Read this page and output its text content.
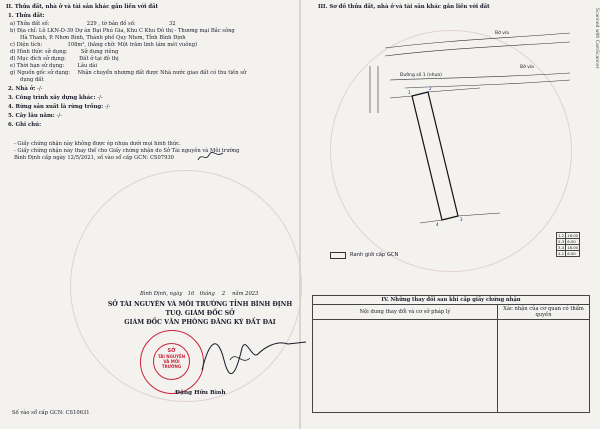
II. Thửa đất, nhà ở và tài sản khác gắn liền với đất
1. Thửa đất:
a) Thửa đất số:	229 , tờ bản đồ số:	32
b) Địa chỉ: Lô LKN-D-39 Dự án Đại Phú Gia, Khu C Khu Đô thị - Thương mại Bắc sông
Hà Thanh, P. Nhơn Bình, Thành phố Quy Nhơn, Tỉnh Bình Định
c) Diện tích:	108m², (bằng chữ: Một trăm linh tám mét vuông)
d) Hình thức sử dụng:	Sử dụng riêng
đ) Mục đích sử dụng:	Đất ở tại đô thị
e) Thời hạn sử dụng:	Lâu dài
g) Nguồn gốc sử dụng: Nhận chuyển nhượng đất được Nhà nước giao đất có thu tiền sử
dụng đất
2. Nhà ở: -/-
3. Công trình xây dựng khác: -/-
4. Rừng sản xuất là rừng trồng: -/-
5. Cây lâu năm: -/-
6. Ghi chú:
- Giấy chứng nhận này không được ép nhựa dưới mọi hình thức.
- Giấy chứng nhận này thay thế cho Giấy chứng nhận do Sở Tài nguyên và Môi trường
Bình Định cấp ngày 12/5/2021, số vào sổ cấp GCN: CS07930
Bình Định, ngày 16 tháng 2 năm 2023
SỞ TÀI NGUYÊN VÀ MÔI TRƯỜNG TỈNH BÌNH ĐỊNH
TUQ. GIÁM ĐỐC SỞ
GIÁM ĐỐC VĂN PHÒNG ĐĂNG KÝ ĐẤT ĐAI
SỞ
TÀI NGUYÊN
VÀ MÔI TRƯỜNG
Đặng Hữu Bình
Số vào sổ cấp GCN: CS10631
III. Sơ đồ thửa đất, nhà ở và tài sản khác gắn liền với đất
Scanned with CamScanner
Bờ vía
Đường số 1 (nhựa)
Bờ vía
1
2
3
4
1-2	18.00
2-3	6.00
3-4	18.00
4-1	6.00
Ranh giới cấp GCN
IV. Những thay đổi sau khi cấp giấy chứng nhận	
Nội dung thay đổi và cơ sở pháp lý	Xác nhận của cơ quan có thẩm quyền
